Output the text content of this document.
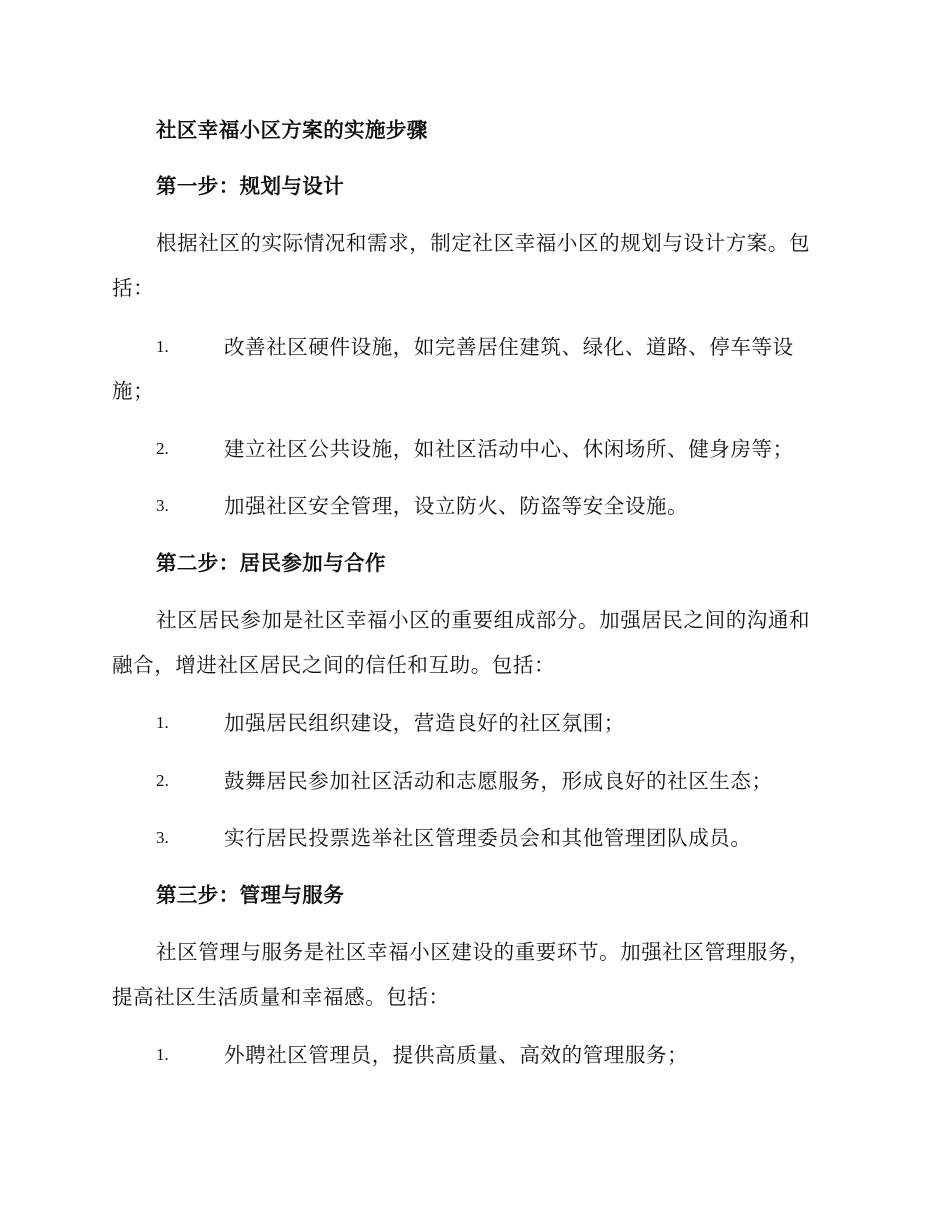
社区幸福小区方案的实施步骤
第一步：规划与设计
根据社区的实际情况和需求，制定社区幸福小区的规划与设计方案。包
括：
1.	改善社区硬件设施，如完善居住建筑、绿化、道路、停车等设
施；
2.	建立社区公共设施，如社区活动中心、休闲场所、健身房等；
3.	加强社区安全管理，设立防火、防盗等安全设施。
第二步：居民参加与合作
社区居民参加是社区幸福小区的重要组成部分。加强居民之间的沟通和
融合，增进社区居民之间的信任和互助。包括：
1.	加强居民组织建设，营造良好的社区氛围；
2.	鼓舞居民参加社区活动和志愿服务，形成良好的社区生态；
3.	实行居民投票选举社区管理委员会和其他管理团队成员。
第三步：管理与服务
社区管理与服务是社区幸福小区建设的重要环节。加强社区管理服务，
提高社区生活质量和幸福感。包括：
1.	外聘社区管理员，提供高质量、高效的管理服务；
